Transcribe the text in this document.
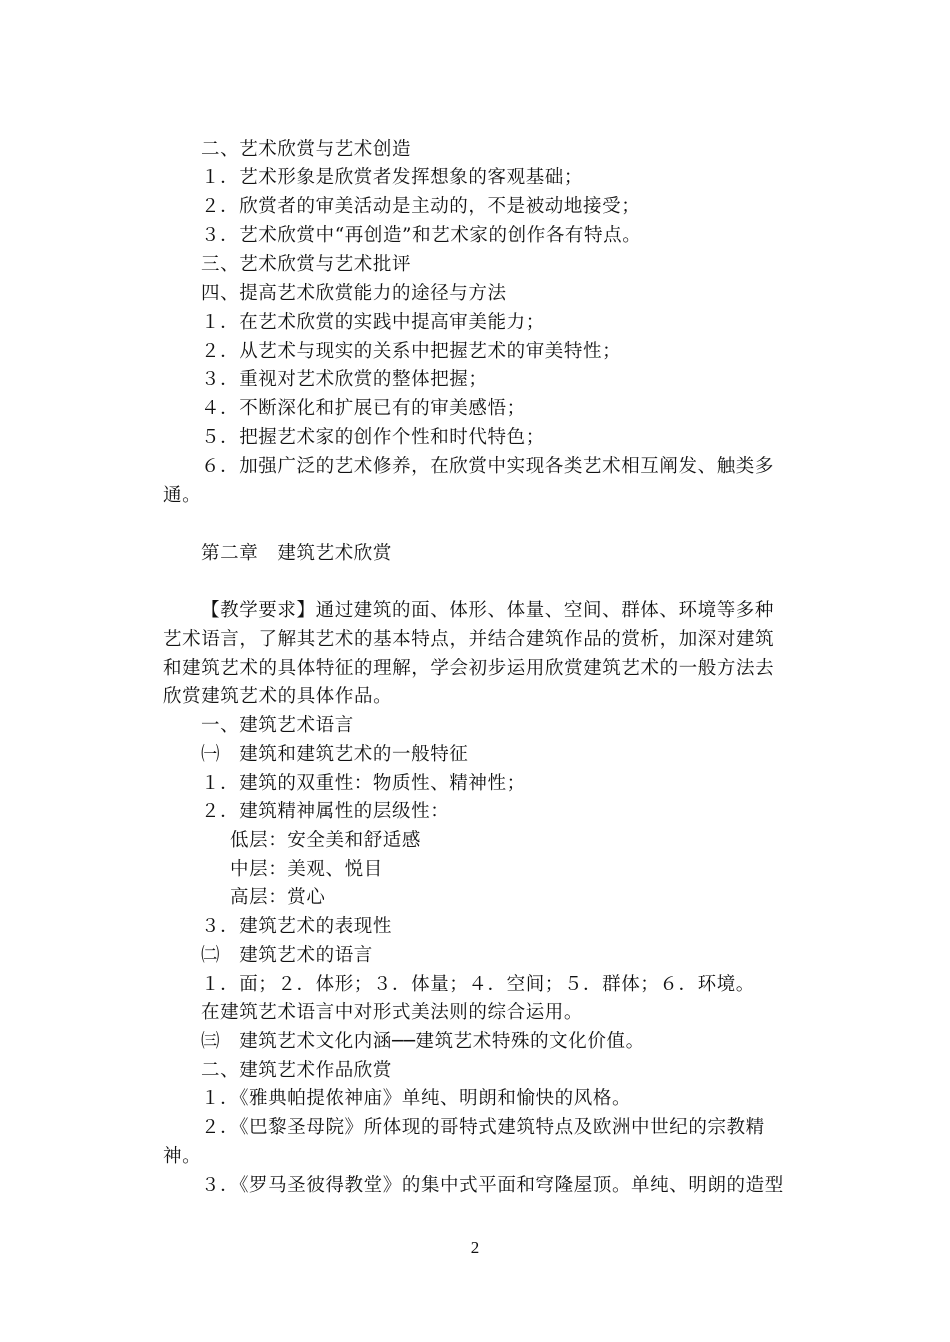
二、艺术欣赏与艺术创造
１．艺术形象是欣赏者发挥想象的客观基础；
２．欣赏者的审美活动是主动的，不是被动地接受；
３．艺术欣赏中“再创造”和艺术家的创作各有特点。
三、艺术欣赏与艺术批评
四、提高艺术欣赏能力的途径与方法
１．在艺术欣赏的实践中提高审美能力；
２．从艺术与现实的关系中把握艺术的审美特性；
３．重视对艺术欣赏的整体把握；
４．不断深化和扩展已有的审美感悟；
５．把握艺术家的创作个性和时代特色；
６．加强广泛的艺术修养，在欣赏中实现各类艺术相互阐发、触类多
通。
第二章　建筑艺术欣赏
【教学要求】通过建筑的面、体形、体量、空间、群体、环境等多种
艺术语言，了解其艺术的基本特点，并结合建筑作品的赏析，加深对建筑
和建筑艺术的具体特征的理解，学会初步运用欣赏建筑艺术的一般方法去
欣赏建筑艺术的具体作品。
一、建筑艺术语言
㈠　建筑和建筑艺术的一般特征
１．建筑的双重性：物质性、精神性；
２．建筑精神属性的层级性：
低层：安全美和舒适感
中层：美观、悦目
高层：赏心
３．建筑艺术的表现性
㈡　建筑艺术的语言
１．面；２．体形；３．体量；４．空间；５．群体；６．环境。
在建筑艺术语言中对形式美法则的综合运用。
㈢　建筑艺术文化内涵──建筑艺术特殊的文化价值。
二、建筑艺术作品欣赏
１．《雅典帕提侬神庙》单纯、明朗和愉快的风格。
２．《巴黎圣母院》所体现的哥特式建筑特点及欧洲中世纪的宗教精
神。
３．《罗马圣彼得教堂》的集中式平面和穹隆屋顶。单纯、明朗的造型
2
